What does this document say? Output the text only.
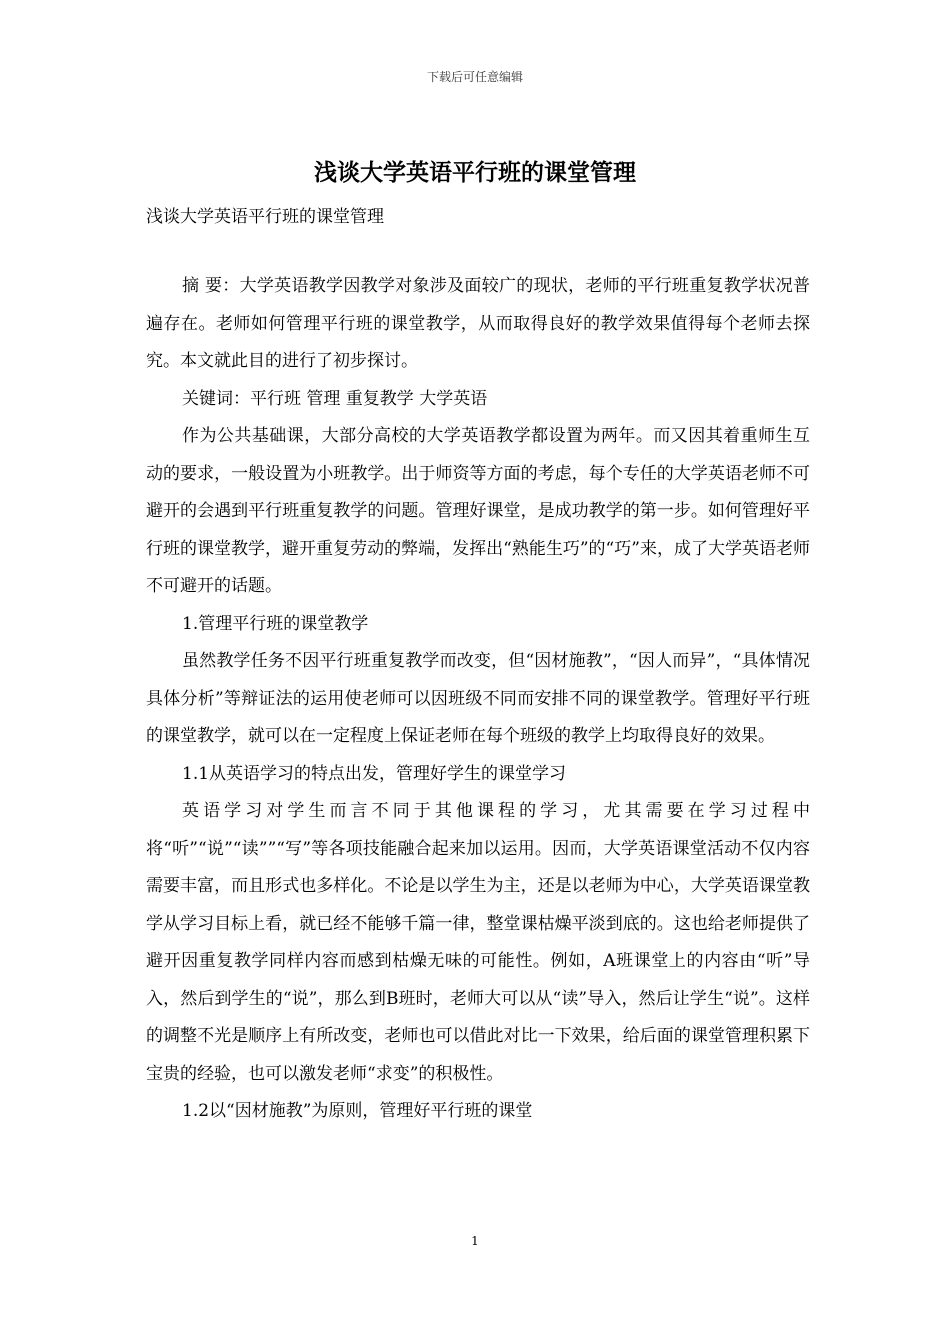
下载后可任意编辑
浅谈大学英语平行班的课堂管理
浅谈大学英语平行班的课堂管理

摘 要：大学英语教学因教学对象涉及面较广的现状，老师的平行班重复教学状况普遍存在。老师如何管理平行班的课堂教学，从而取得良好的教学效果值得每个老师去探究。本文就此目的进行了初步探讨。

关键词：平行班 管理 重复教学 大学英语

作为公共基础课，大部分高校的大学英语教学都设置为两年。而又因其着重师生互动的要求，一般设置为小班教学。出于师资等方面的考虑，每个专任的大学英语老师不可避开的会遇到平行班重复教学的问题。管理好课堂，是成功教学的第一步。如何管理好平行班的课堂教学，避开重复劳动的弊端，发挥出“熟能生巧”的“巧”来，成了大学英语老师不可避开的话题。

1.管理平行班的课堂教学

虽然教学任务不因平行班重复教学而改变，但“因材施教”，“因人而异”，“具体情况具体分析”等辩证法的运用使老师可以因班级不同而安排不同的课堂教学。管理好平行班的课堂教学，就可以在一定程度上保证老师在每个班级的教学上均取得良好的效果。

1.1从英语学习的特点出发，管理好学生的课堂学习

英语学习对学生而言不同于其他课程的学习，尤其需要在学习过程中将“听”“说”“读””“写”等各项技能融合起来加以运用。因而，大学英语课堂活动不仅内容需要丰富，而且形式也多样化。不论是以学生为主，还是以老师为中心，大学英语课堂教学从学习目标上看，就已经不能够千篇一律，整堂课枯燥平淡到底的。这也给老师提供了避开因重复教学同样内容而感到枯燥无味的可能性。例如，A班课堂上的内容由“听”导入，然后到学生的“说”，那么到B班时，老师大可以从“读”导入，然后让学生“说”。这样的调整不光是顺序上有所改变，老师也可以借此对比一下效果，给后面的课堂管理积累下宝贵的经验，也可以激发老师“求变”的积极性。

1.2以“因材施教”为原则，管理好平行班的课堂

1
